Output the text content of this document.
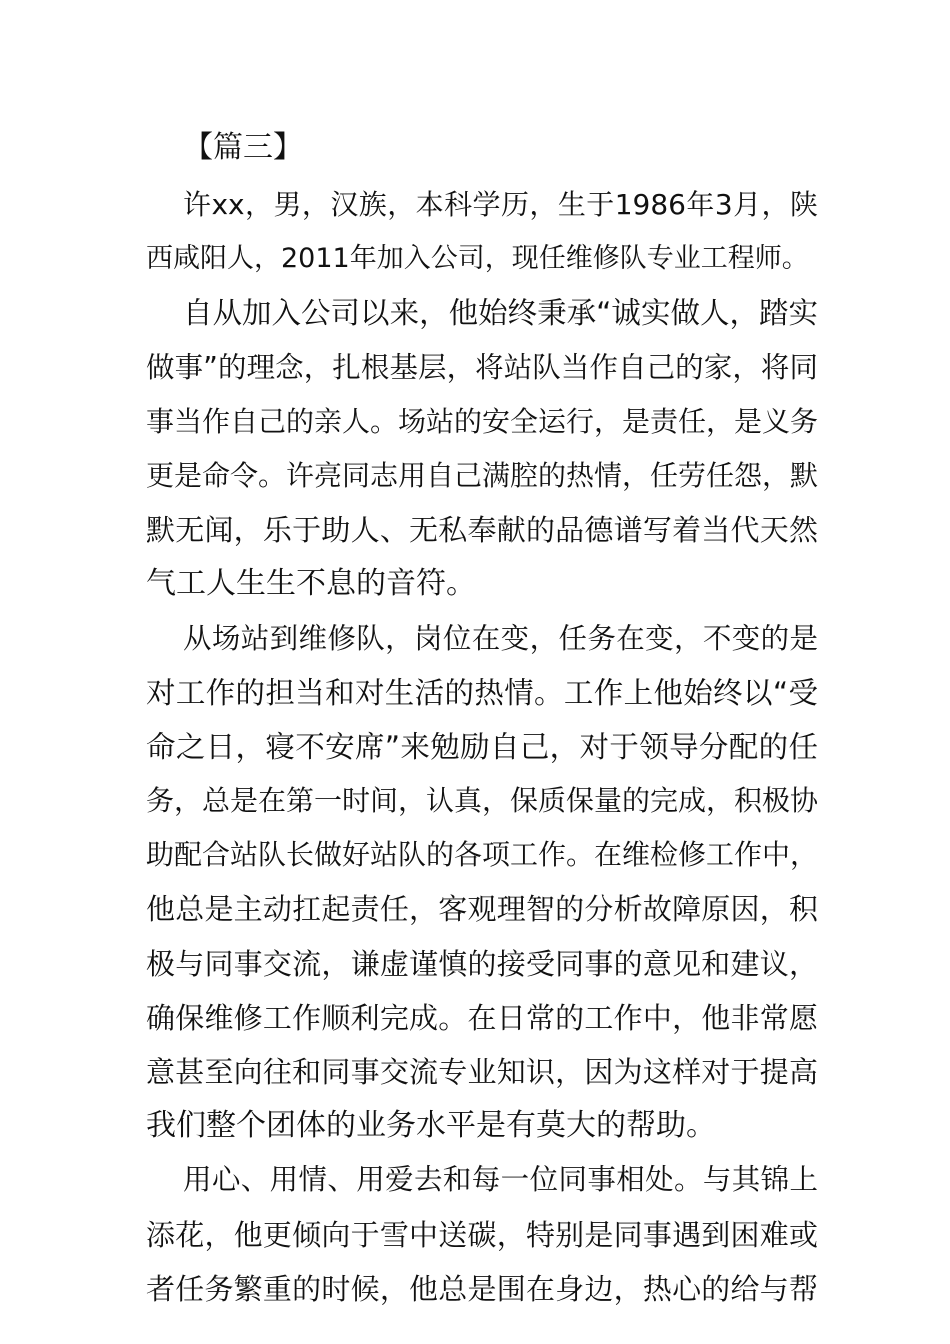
【篇三】

许xx，男，汉族，本科学历，生于1986年3月，陕
西咸阳人，2011年加入公司，现任维修队专业工程师。

自从加入公司以来，他始终秉承“诚实做人，踏实
做事”的理念，扎根基层，将站队当作自己的家，将同
事当作自己的亲人。场站的安全运行，是责任，是义务
更是命令。许亮同志用自己满腔的热情，任劳任怨，默
默无闻，乐于助人、无私奉献的品德谱写着当代天然
气工人生生不息的音符。

从场站到维修队，岗位在变，任务在变，不变的是
对工作的担当和对生活的热情。工作上他始终以“受
命之日，寝不安席”来勉励自己，对于领导分配的任
务，总是在第一时间，认真，保质保量的完成，积极协
助配合站队长做好站队的各项工作。在维检修工作中，
他总是主动扛起责任，客观理智的分析故障原因，积
极与同事交流，谦虚谨慎的接受同事的意见和建议，
确保维修工作顺利完成。在日常的工作中，他非常愿
意甚至向往和同事交流专业知识，因为这样对于提高
我们整个团体的业务水平是有莫大的帮助。

用心、用情、用爱去和每一位同事相处。与其锦上
添花，他更倾向于雪中送碳，特别是同事遇到困难或
者任务繁重的时候，他总是围在身边，热心的给与帮
